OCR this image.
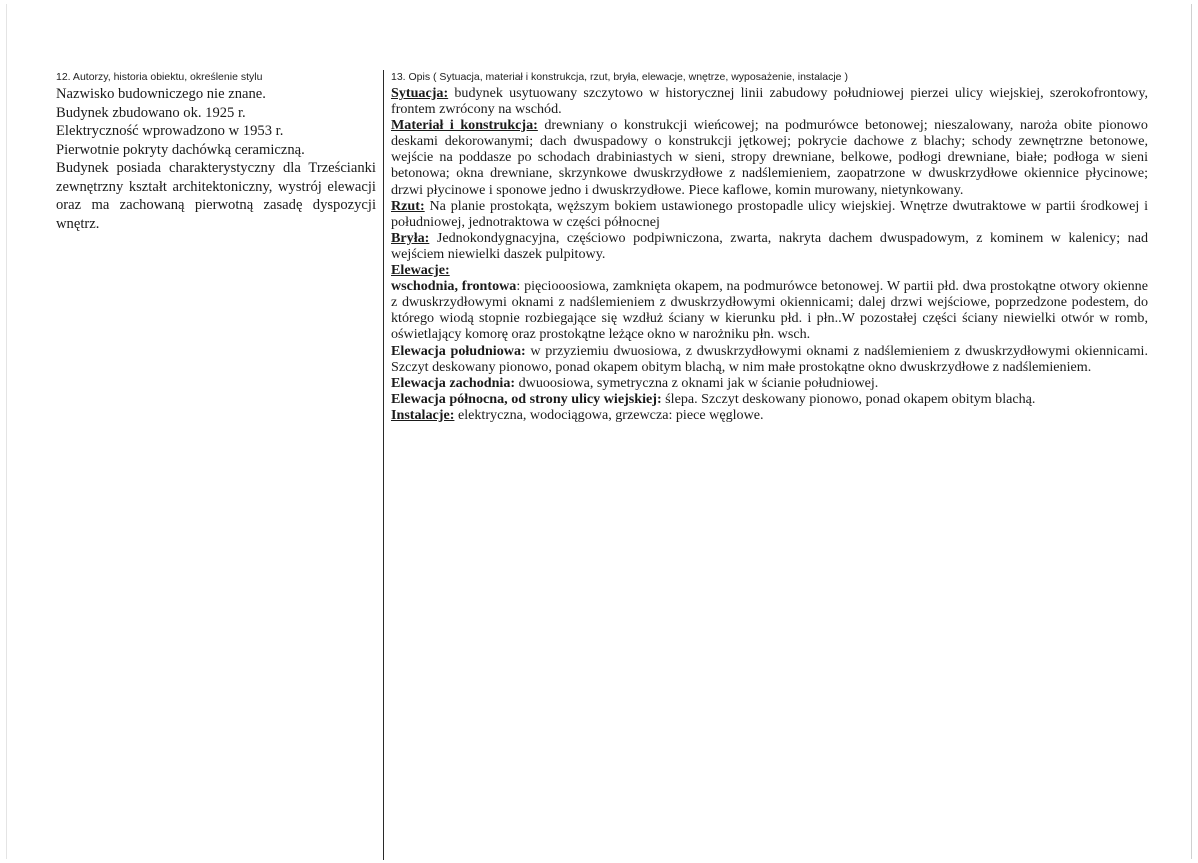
12. Autorzy, historia obiektu, określenie stylu

Nazwisko budowniczego nie znane.

Budynek zbudowano ok. 1925 r.

Elektryczność wprowadzono w 1953 r.

Pierwotnie pokryty dachówką ceramiczną.

Budynek posiada charakterystyczny dla Trześcianki zewnętrzny kształt architektoniczny, wystrój elewacji oraz ma zachowaną pierwotną zasadę dyspozycji wnętrz.

13. Opis ( Sytuacja, materiał i konstrukcja, rzut, bryła, elewacje, wnętrze, wyposażenie, instalacje )

Sytuacja: budynek usytuowany szczytowo w historycznej linii zabudowy południowej pierzei ulicy wiejskiej, szerokofrontowy, frontem zwrócony na wschód.

Materiał i konstrukcja: drewniany o konstrukcji wieńcowej; na podmurówce betonowej; nieszalowany, naroża obite pionowo deskami dekorowanymi; dach dwuspadowy o konstrukcji jętkowej; pokrycie dachowe z blachy; schody zewnętrzne betonowe, wejście na poddasze po schodach drabiniastych w sieni, stropy drewniane, belkowe, podłogi drewniane, białe; podłoga w sieni betonowa; okna drewniane, skrzynkowe dwuskrzydłowe z nadślemieniem, zaopatrzone w dwuskrzydłowe okiennice płycinowe; drzwi płycinowe i sponowe jedno i dwuskrzydłowe. Piece kaflowe, komin murowany, nietynkowany.

Rzut: Na planie prostokąta, węższym bokiem ustawionego prostopadle ulicy wiejskiej. Wnętrze dwutraktowe w partii środkowej i południowej, jednotraktowa w części północnej

Bryła: Jednokondygnacyjna, częściowo podpiwniczona, zwarta, nakryta dachem dwuspadowym, z kominem w kalenicy; nad wejściem niewielki daszek pulpitowy.

Elewacje:

wschodnia, frontowa: pięciooosiowa, zamknięta okapem, na podmurówce betonowej. W partii płd. dwa prostokątne otwory okienne z dwuskrzydłowymi oknami z nadślemieniem z dwuskrzydłowymi okiennicami; dalej drzwi wejściowe, poprzedzone podestem, do którego wiodą stopnie rozbiegające się wzdłuż ściany w kierunku płd. i płn..W pozostałej części ściany niewielki otwór w romb, oświetlający komorę oraz prostokątne leżące okno w narożniku płn. wsch.

Elewacja południowa: w przyziemiu dwuosiowa, z dwuskrzydłowymi oknami z nadślemieniem z dwuskrzydłowymi okiennicami. Szczyt deskowany pionowo, ponad okapem obitym blachą, w nim małe prostokątne okno dwuskrzydłowe z nadślemieniem.

Elewacja zachodnia: dwuoosiowa, symetryczna z oknami jak w ścianie południowej.

Elewacja północna, od strony ulicy wiejskiej: ślepa. Szczyt deskowany pionowo, ponad okapem obitym blachą.

Instalacje: elektryczna, wodociągowa, grzewcza: piece węglowe.
